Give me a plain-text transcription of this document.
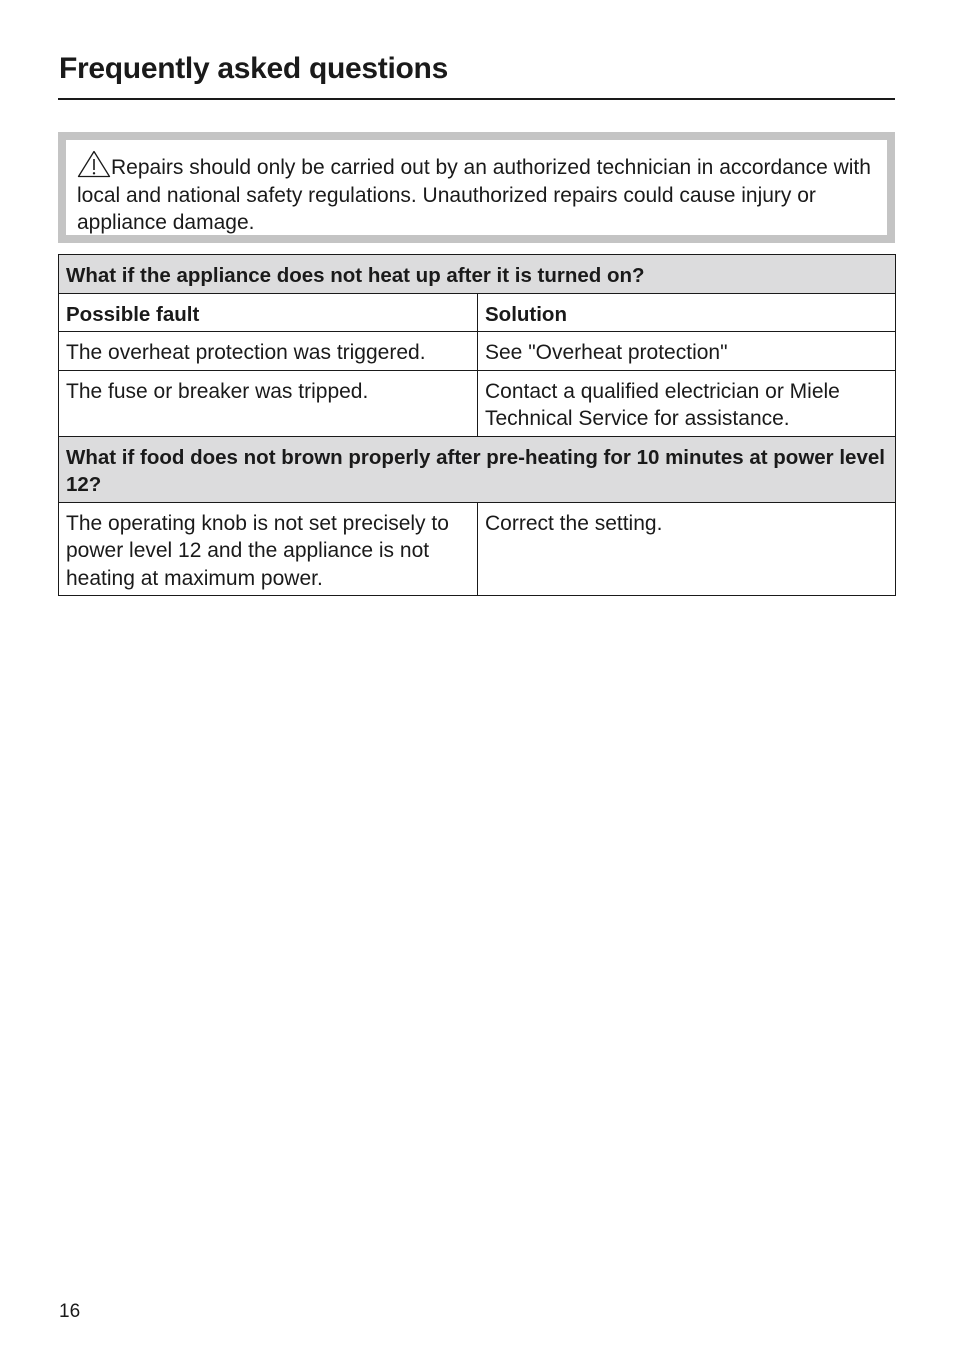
Frequently asked questions
Repairs should only be carried out by an authorized technician in accordance with local and national safety regulations. Unauthorized repairs could cause injury or appliance damage.
What if the appliance does not heat up after it is turned on?	
Possible fault	Solution
The overheat protection was triggered.	See "Overheat protection"
The fuse or breaker was tripped.	Contact a qualified electrician or Miele Technical Service for assistance.
What if food does not brown properly after pre-heating for 10 minutes at power level 12?	
The operating knob is not set precisely to power level 12 and the appliance is not heating at maximum power.	Correct the setting.
16
